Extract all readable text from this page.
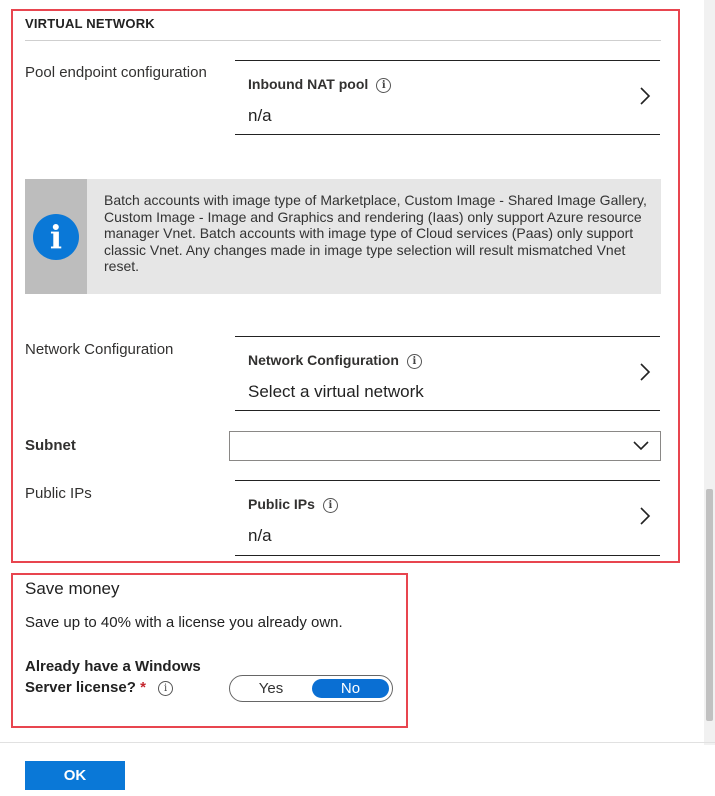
VIRTUAL NETWORK
Pool endpoint configuration
Inbound NAT pool i
n/a
i
Batch accounts with image type of Marketplace, Custom Image - Shared Image Gallery, Custom Image - Image and Graphics and rendering (Iaas) only support Azure resource manager Vnet. Batch accounts with image type of Cloud services (Paas) only support classic Vnet. Any changes made in image type selection will result mismatched Vnet reset.
Network Configuration
Network Configuration i
Select a virtual network
Subnet
Public IPs
Public IPs i
n/a
Save money
Save up to 40% with a license you already own.
Already have a Windows
Server license? * i	Yes	No
OK
